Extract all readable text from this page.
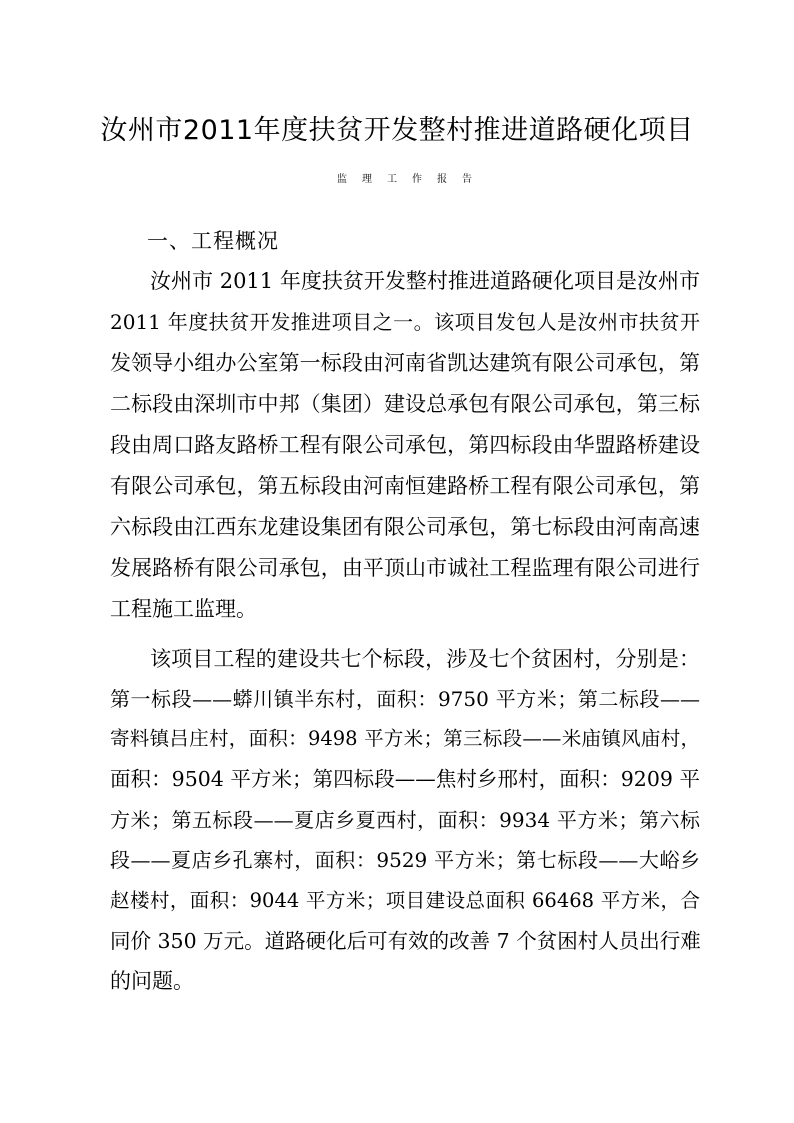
汝州市2011年度扶贫开发整村推进道路硬化项目
监理工作报告
一、工程概况
汝州市 2011 年度扶贫开发整村推进道路硬化项目是汝州市
2011 年度扶贫开发推进项目之一。该项目发包人是汝州市扶贫开
发领导小组办公室第一标段由河南省凯达建筑有限公司承包，第
二标段由深圳市中邦（集团）建设总承包有限公司承包，第三标
段由周口路友路桥工程有限公司承包，第四标段由华盟路桥建设
有限公司承包，第五标段由河南恒建路桥工程有限公司承包，第
六标段由江西东龙建设集团有限公司承包，第七标段由河南高速
发展路桥有限公司承包，由平顶山市诚社工程监理有限公司进行
工程施工监理。
该项目工程的建设共七个标段，涉及七个贫困村，分别是：
第一标段——蟒川镇半东村，面积：9750 平方米；第二标段——
寄料镇吕庄村，面积：9498 平方米；第三标段——米庙镇风庙村，
面积：9504 平方米；第四标段——焦村乡邢村，面积：9209 平
方米；第五标段——夏店乡夏西村，面积：9934 平方米；第六标
段——夏店乡孔寨村，面积：9529 平方米；第七标段——大峪乡
赵楼村，面积：9044 平方米；项目建设总面积 66468 平方米，合
同价 350 万元。道路硬化后可有效的改善 7 个贫困村人员出行难
的问题。
